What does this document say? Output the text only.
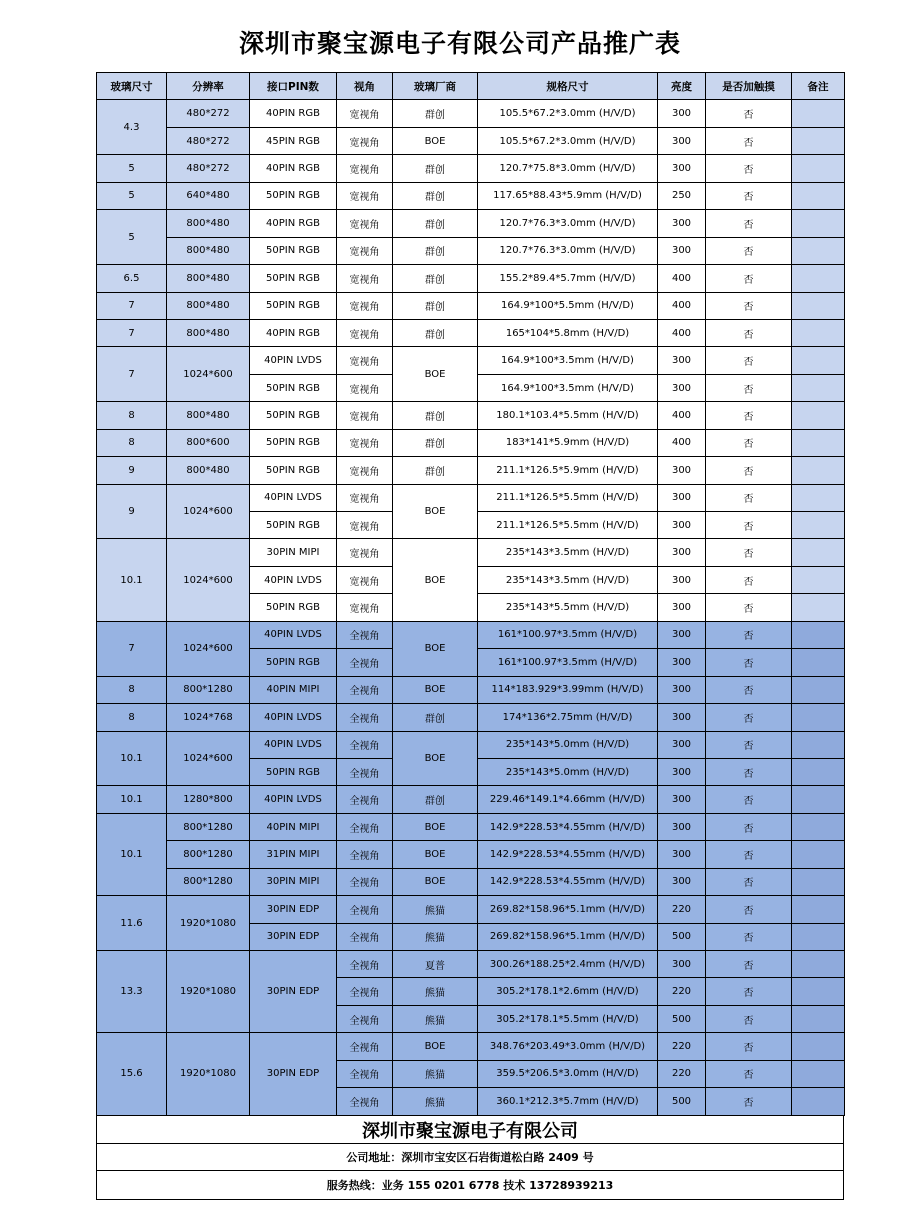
深圳市聚宝源电子有限公司产品推广表
玻璃尺寸	分辨率	接口PIN数	视角	玻璃厂商	规格尺寸	亮度	是否加触摸	备注
4.3	480*272	40PIN RGB	宽视角	群创	105.5*67.2*3.0mm (H/V/D)	300	否	
	480*272	45PIN RGB	宽视角	BOE	105.5*67.2*3.0mm (H/V/D)	300	否	
5	480*272	40PIN RGB	宽视角	群创	120.7*75.8*3.0mm (H/V/D)	300	否	
5	640*480	50PIN RGB	宽视角	群创	117.65*88.43*5.9mm (H/V/D)	250	否	
5	800*480	40PIN RGB	宽视角	群创	120.7*76.3*3.0mm (H/V/D)	300	否	
	800*480	50PIN RGB	宽视角	群创	120.7*76.3*3.0mm (H/V/D)	300	否	
6.5	800*480	50PIN RGB	宽视角	群创	155.2*89.4*5.7mm (H/V/D)	400	否	
7	800*480	50PIN RGB	宽视角	群创	164.9*100*5.5mm (H/V/D)	400	否	
7	800*480	40PIN RGB	宽视角	群创	165*104*5.8mm (H/V/D)	400	否	
7	1024*600	40PIN LVDS	宽视角	BOE	164.9*100*3.5mm (H/V/D)	300	否	
		50PIN RGB	宽视角		164.9*100*3.5mm (H/V/D)	300	否	
8	800*480	50PIN RGB	宽视角	群创	180.1*103.4*5.5mm (H/V/D)	400	否	
8	800*600	50PIN RGB	宽视角	群创	183*141*5.9mm (H/V/D)	400	否	
9	800*480	50PIN RGB	宽视角	群创	211.1*126.5*5.9mm (H/V/D)	300	否	
9	1024*600	40PIN LVDS	宽视角	BOE	211.1*126.5*5.5mm (H/V/D)	300	否	
		50PIN RGB	宽视角		211.1*126.5*5.5mm (H/V/D)	300	否	
10.1	1024*600	30PIN MIPI	宽视角	BOE	235*143*3.5mm (H/V/D)	300	否	
		40PIN LVDS	宽视角		235*143*3.5mm (H/V/D)	300	否	
		50PIN RGB	宽视角		235*143*5.5mm (H/V/D)	300	否	
7	1024*600	40PIN LVDS	全视角	BOE	161*100.97*3.5mm (H/V/D)	300	否	
		50PIN RGB	全视角		161*100.97*3.5mm (H/V/D)	300	否	
8	800*1280	40PIN MIPI	全视角	BOE	114*183.929*3.99mm (H/V/D)	300	否	
8	1024*768	40PIN LVDS	全视角	群创	174*136*2.75mm (H/V/D)	300	否	
10.1	1024*600	40PIN LVDS	全视角	BOE	235*143*5.0mm (H/V/D)	300	否	
		50PIN RGB	全视角		235*143*5.0mm (H/V/D)	300	否	
10.1	1280*800	40PIN LVDS	全视角	群创	229.46*149.1*4.66mm (H/V/D)	300	否	
10.1	800*1280	40PIN MIPI	全视角	BOE	142.9*228.53*4.55mm (H/V/D)	300	否	
	800*1280	31PIN MIPI	全视角	BOE	142.9*228.53*4.55mm (H/V/D)	300	否	
	800*1280	30PIN MIPI	全视角	BOE	142.9*228.53*4.55mm (H/V/D)	300	否	
11.6	1920*1080	30PIN EDP	全视角	熊猫	269.82*158.96*5.1mm (H/V/D)	220	否	
		30PIN EDP	全视角	熊猫	269.82*158.96*5.1mm (H/V/D)	500	否	
13.3	1920*1080	30PIN EDP	全视角	夏普	300.26*188.25*2.4mm (H/V/D)	300	否	
			全视角	熊猫	305.2*178.1*2.6mm (H/V/D)	220	否	
			全视角	熊猫	305.2*178.1*5.5mm (H/V/D)	500	否	
15.6	1920*1080	30PIN EDP	全视角	BOE	348.76*203.49*3.0mm (H/V/D)	220	否	
			全视角	熊猫	359.5*206.5*3.0mm (H/V/D)	220	否	
			全视角	熊猫	360.1*212.3*5.7mm (H/V/D)	500	否	
深圳市聚宝源电子有限公司
公司地址：深圳市宝安区石岩街道松白路 2409 号
服务热线：业务 155 0201 6778 技术 13728939213
